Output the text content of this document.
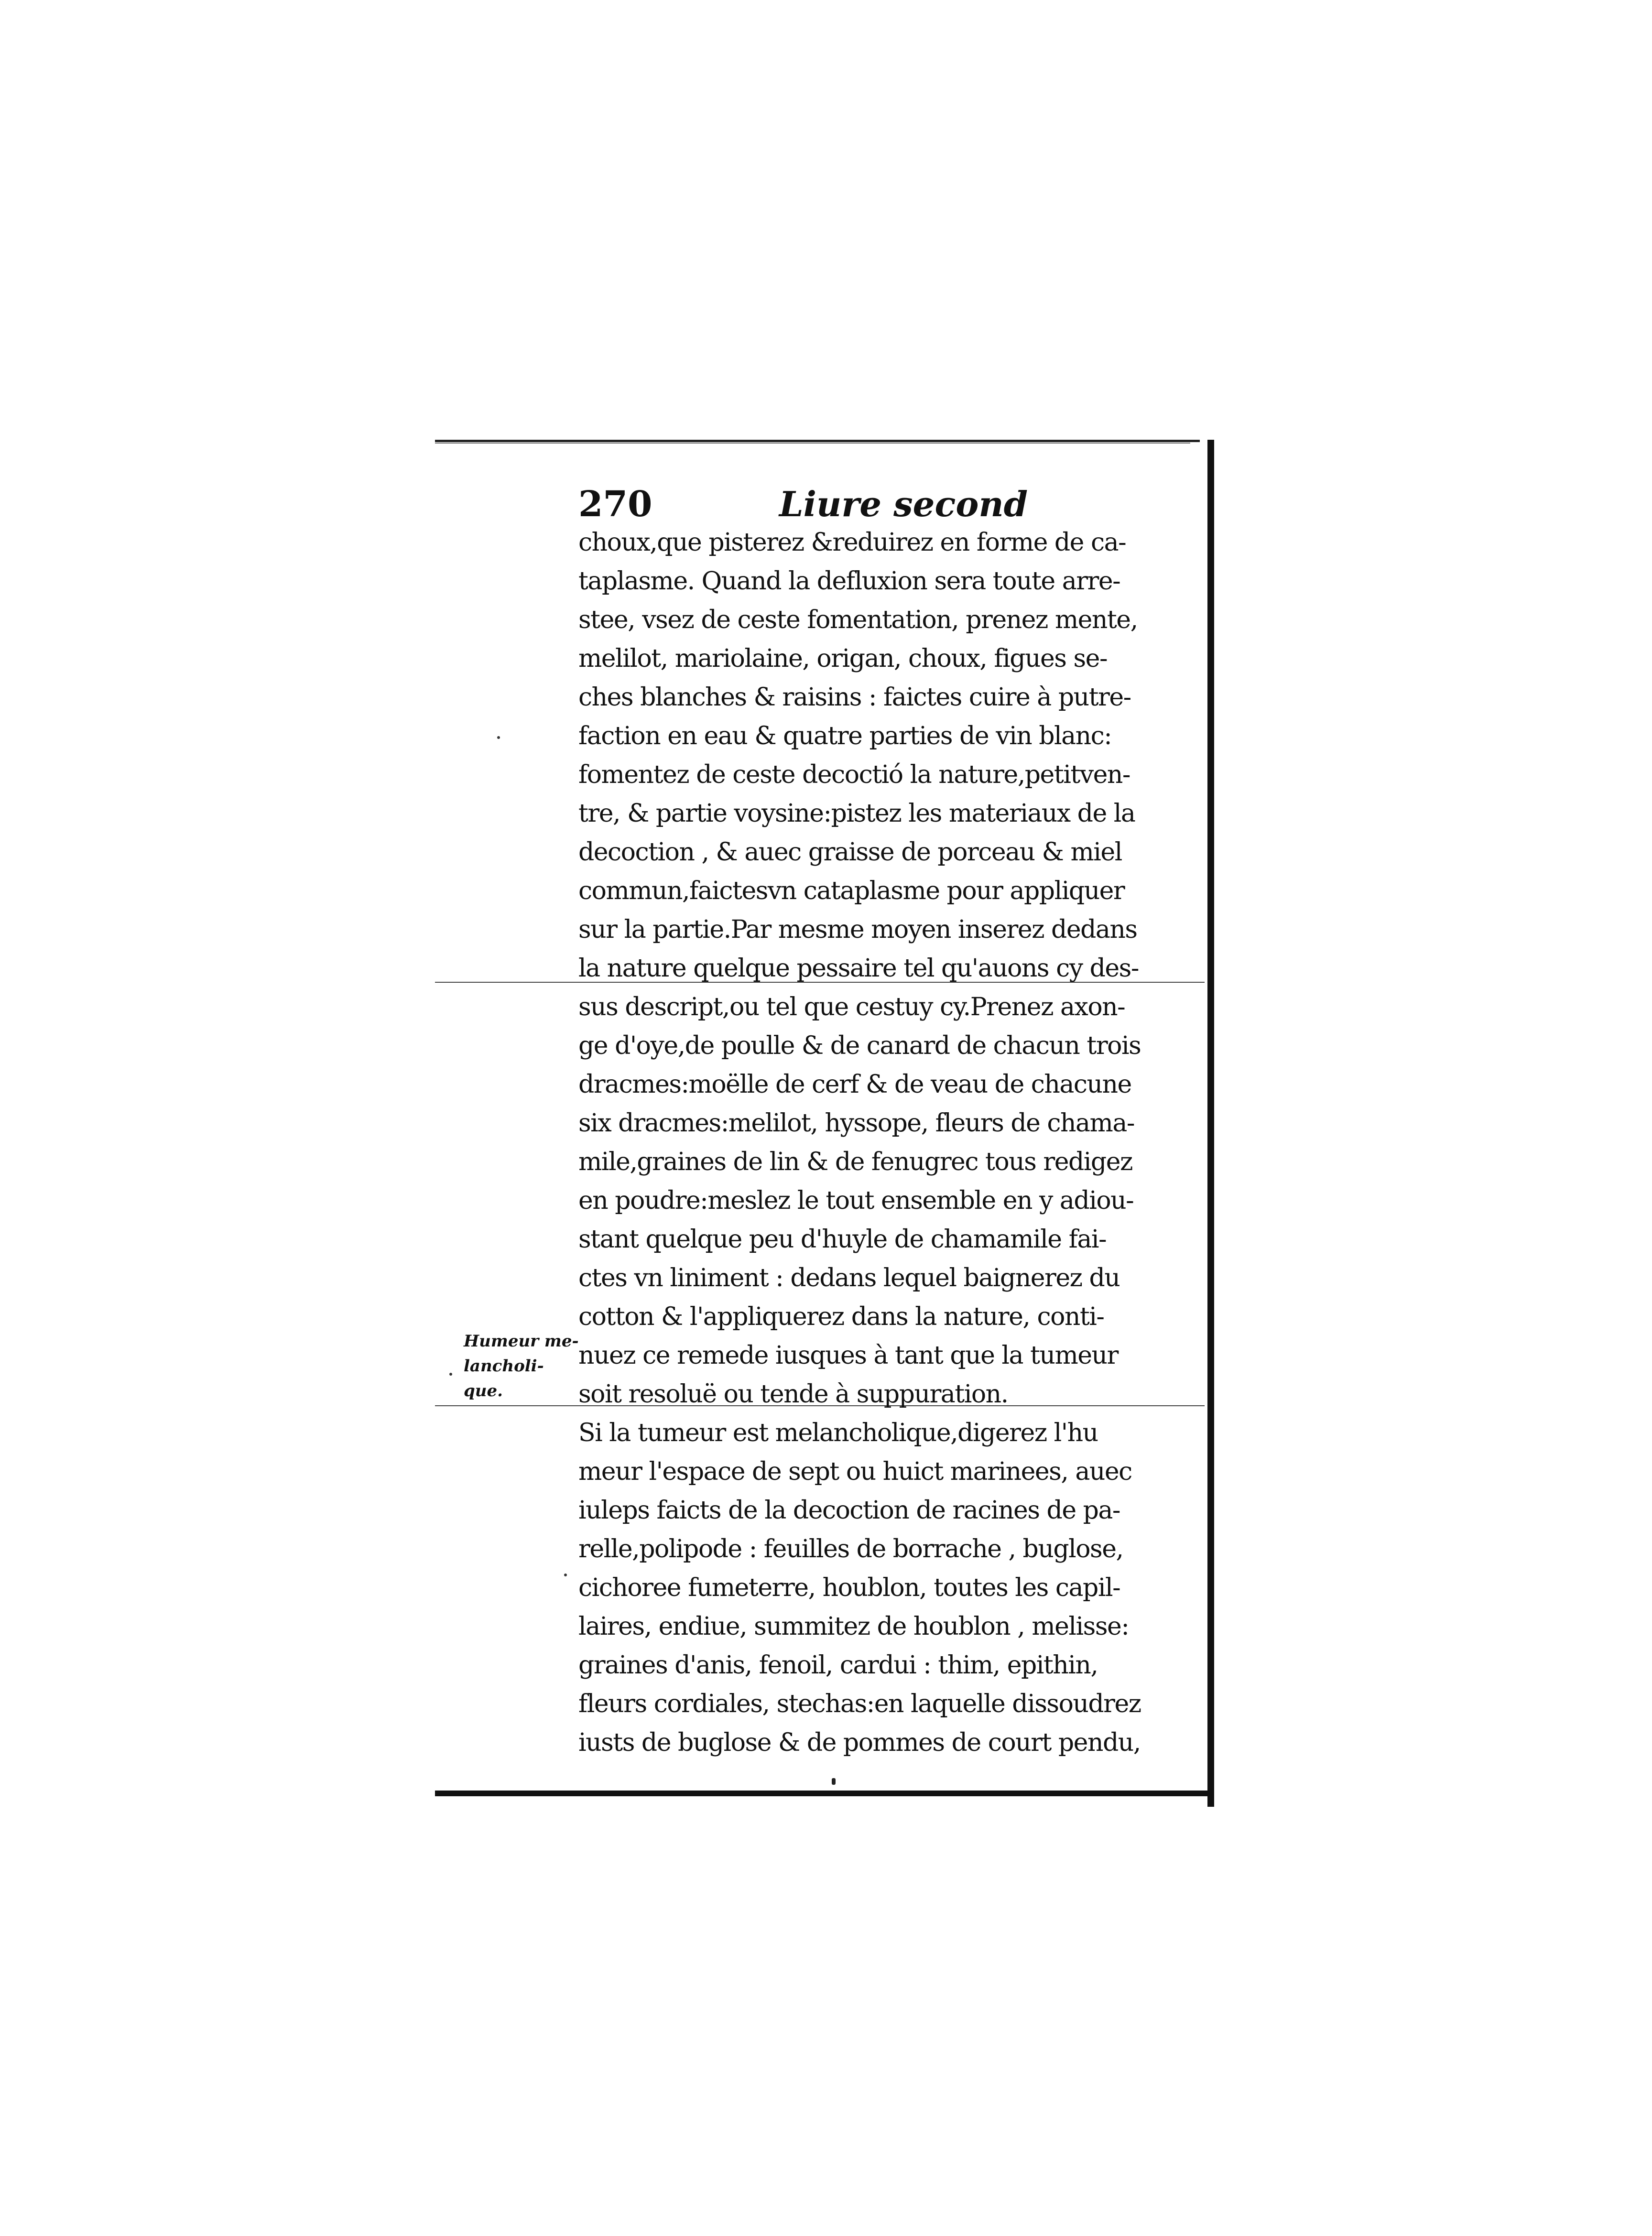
270	Liure second
choux,que pisterez &reduirez en forme de ca-
taplasme. Quand la defluxion sera toute arre-
stee, vsez de ceste fomentation, prenez mente,
melilot, mariolaine, origan, choux, figues se-
ches blanches & raisins : faictes cuire à putre-
faction en eau & quatre parties de vin blanc:
fomentez de ceste decoctió la nature,petitven-
tre, & partie voysine:pistez les materiaux de la
decoction , & auec graisse de porceau & miel
commun,faictesvn cataplasme pour appliquer
sur la partie.Par mesme moyen inserez dedans
la nature quelque pessaire tel qu'auons cy des-
sus descript,ou tel que cestuy cy.Prenez axon-
ge d'oye,de poulle & de canard de chacun trois
dracmes:moëlle de cerf & de veau de chacune
six dracmes:melilot, hyssope, fleurs de chama-
mile,graines de lin & de fenugrec tous redigez
en poudre:meslez le tout ensemble en y adiou-
stant quelque peu d'huyle de chamamile fai-
ctes vn liniment : dedans lequel baignerez du
cotton & l'appliquerez dans la nature, conti-
nuez ce remede iusques à tant que la tumeur
soit resoluë ou tende à suppuration.
Si la tumeur est melancholique,digerez l'hu
meur l'espace de sept ou huict marinees, auec
iuleps faicts de la decoction de racines de pa-
relle,polipode : feuilles de borrache , buglose,
cichoree fumeterre, houblon, toutes les capil-
laires, endiue, summitez de houblon , melisse:
graines d'anis, fenoil, cardui : thim, epithin,
fleurs cordiales, stechas:en laquelle dissoudrez
iusts de buglose & de pommes de court pendu,
Humeur me-
lancholi-
que.
